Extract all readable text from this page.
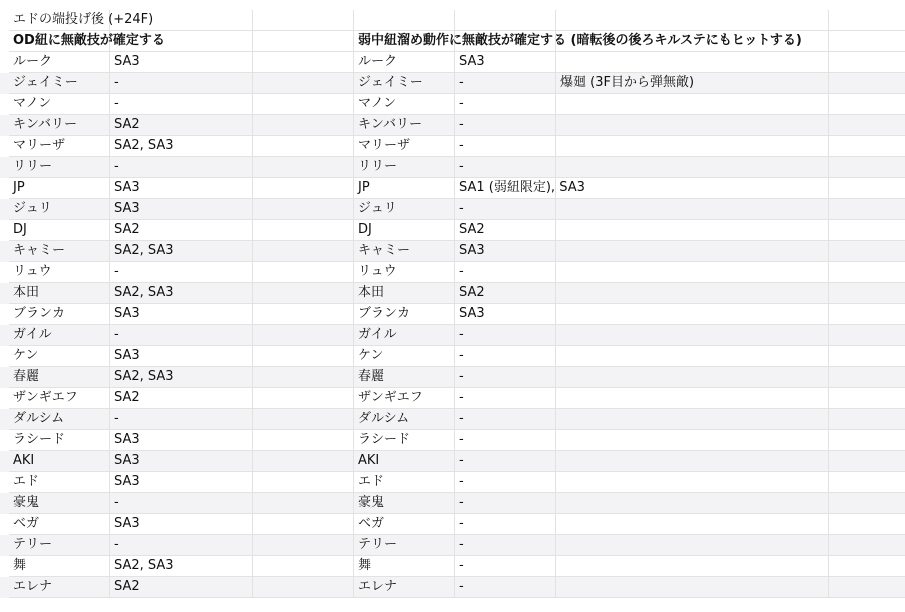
エドの端投げ後 (+24F)
OD紐に無敵技が確定する	弱中紐溜め動作に無敵技が確定する (暗転後の後ろキルステにもヒットする)
ルーク	SA3	ルーク	SA3
ジェイミー	-	ジェイミー	-	爆廻 (3F目から弾無敵)
マノン	-	マノン	-
キンバリー	SA2	キンバリー	-
マリーザ	SA2, SA3	マリーザ	-
リリー	-	リリー	-
JP	SA3	JP	SA1 (弱紐限定), SA3
ジュリ	SA3	ジュリ	-
DJ	SA2	DJ	SA2
キャミー	SA2, SA3	キャミー	SA3
リュウ	-	リュウ	-
本田	SA2, SA3	本田	SA2
ブランカ	SA3	ブランカ	SA3
ガイル	-	ガイル	-
ケン	SA3	ケン	-
春麗	SA2, SA3	春麗	-
ザンギエフ	SA2	ザンギエフ	-
ダルシム	-	ダルシム	-
ラシード	SA3	ラシード	-
AKI	SA3	AKI	-
エド	SA3	エド	-
豪鬼	-	豪鬼	-
ベガ	SA3	ベガ	-
テリー	-	テリー	-
舞	SA2, SA3	舞	-
エレナ	SA2	エレナ	-
